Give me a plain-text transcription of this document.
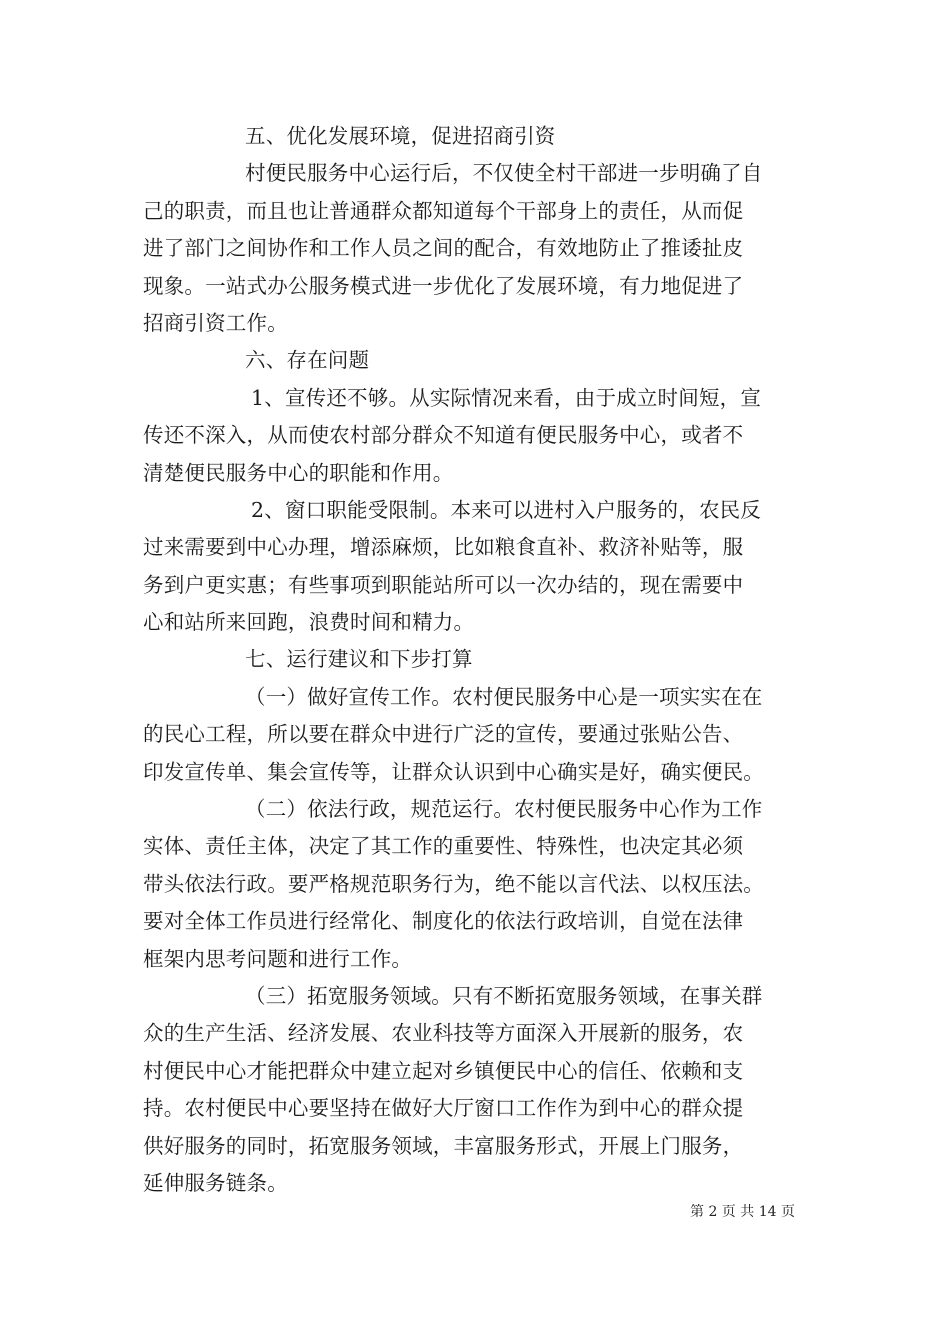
五、优化发展环境，促进招商引资
村便民服务中心运行后，不仅使全村干部进一步明确了自
己的职责，而且也让普通群众都知道每个干部身上的责任，从而促
进了部门之间协作和工作人员之间的配合，有效地防止了推诿扯皮
现象。一站式办公服务模式进一步优化了发展环境，有力地促进了
招商引资工作。
六、存在问题
1、宣传还不够。从实际情况来看，由于成立时间短，宣
传还不深入，从而使农村部分群众不知道有便民服务中心，或者不
清楚便民服务中心的职能和作用。
2、窗口职能受限制。本来可以进村入户服务的，农民反
过来需要到中心办理，增添麻烦，比如粮食直补、救济补贴等，服
务到户更实惠；有些事项到职能站所可以一次办结的，现在需要中
心和站所来回跑，浪费时间和精力。
七、运行建议和下步打算
（一）做好宣传工作。农村便民服务中心是一项实实在在
的民心工程，所以要在群众中进行广泛的宣传，要通过张贴公告、
印发宣传单、集会宣传等，让群众认识到中心确实是好，确实便民。
（二）依法行政，规范运行。农村便民服务中心作为工作
实体、责任主体，决定了其工作的重要性、特殊性，也决定其必须
带头依法行政。要严格规范职务行为，绝不能以言代法、以权压法。
要对全体工作员进行经常化、制度化的依法行政培训，自觉在法律
框架内思考问题和进行工作。
（三）拓宽服务领域。只有不断拓宽服务领域，在事关群
众的生产生活、经济发展、农业科技等方面深入开展新的服务，农
村便民中心才能把群众中建立起对乡镇便民中心的信任、依赖和支
持。农村便民中心要坚持在做好大厅窗口工作作为到中心的群众提
供好服务的同时，拓宽服务领域，丰富服务形式，开展上门服务，
延伸服务链条。
第 2 页 共 14 页
